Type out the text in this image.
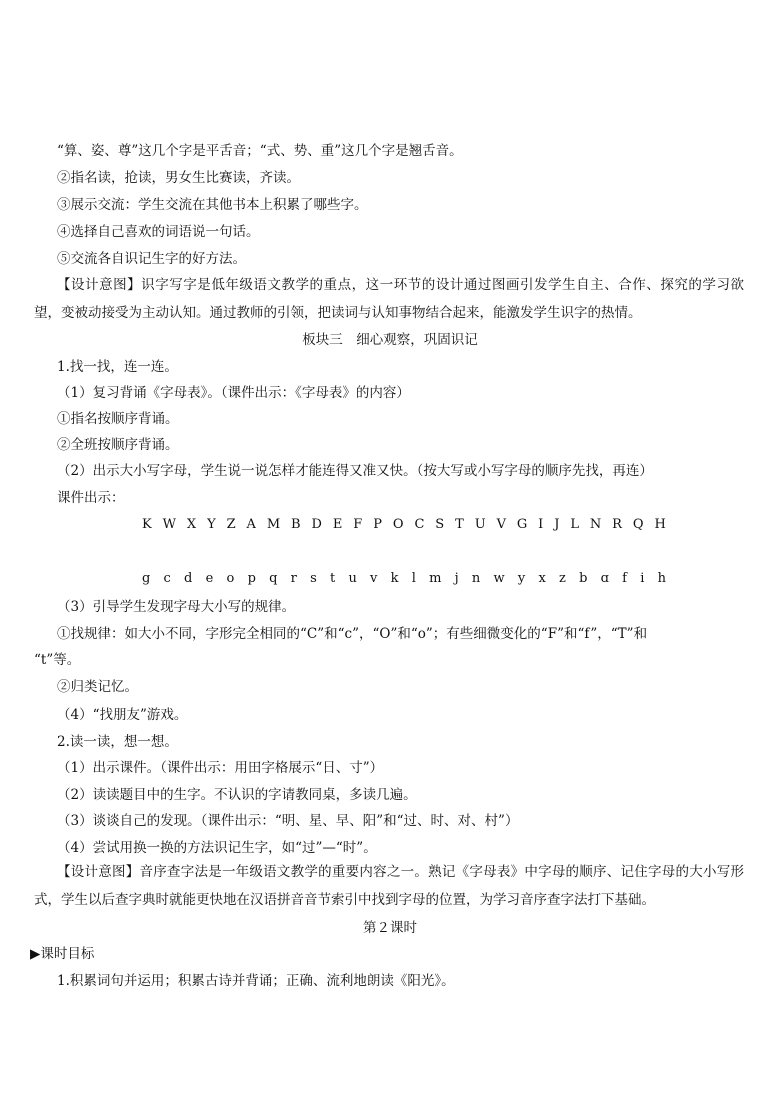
“算、姿、尊”这几个字是平舌音；“式、势、重”这几个字是翘舌音。
②指名读，抢读，男女生比赛读，齐读。
③展示交流：学生交流在其他书本上积累了哪些字。
④选择自己喜欢的词语说一句话。
⑤交流各自识记生字的好方法。
【设计意图】识字写字是低年级语文教学的重点，这一环节的设计通过图画引发学生自主、合作、探究的学习欲望，变被动接受为主动认知。通过教师的引领，把读词与认知事物结合起来，能激发学生识字的热情。
板块三　细心观察，巩固识记
1.找一找，连一连。
（1）复习背诵《字母表》。（课件出示：《字母表》的内容）
①指名按顺序背诵。
②全班按顺序背诵。
（2）出示大小写字母，学生说一说怎样才能连得又准又快。（按大写或小写字母的顺序先找，再连）
课件出示：
K W X Y Z A M B D E F P O C S T U V G I J L N R Q H
g c d e o p q r s t u v k l m j n w y x z b ɑ f i h
（3）引导学生发现字母大小写的规律。
①找规律：如大小不同，字形完全相同的“C”和“c”，“O”和“o”；有些细微变化的“F”和“f”，“T”和
“t”等。
②归类记忆。
（4）“找朋友”游戏。
2.读一读，想一想。
（1）出示课件。（课件出示：用田字格展示“日、寸”）
（2）读读题目中的生字。不认识的字请教同桌，多读几遍。
（3）谈谈自己的发现。（课件出示：“明、星、早、阳”和“过、时、对、村”）
（4）尝试用换一换的方法识记生字，如“过”—“时”。
【设计意图】音序查字法是一年级语文教学的重要内容之一。熟记《字母表》中字母的顺序、记住字母的大小写形式，学生以后查字典时就能更快地在汉语拼音音节索引中找到字母的位置，为学习音序查字法打下基础。
第２课时
▶课时目标
1.积累词句并运用；积累古诗并背诵；正确、流利地朗读《阳光》。
